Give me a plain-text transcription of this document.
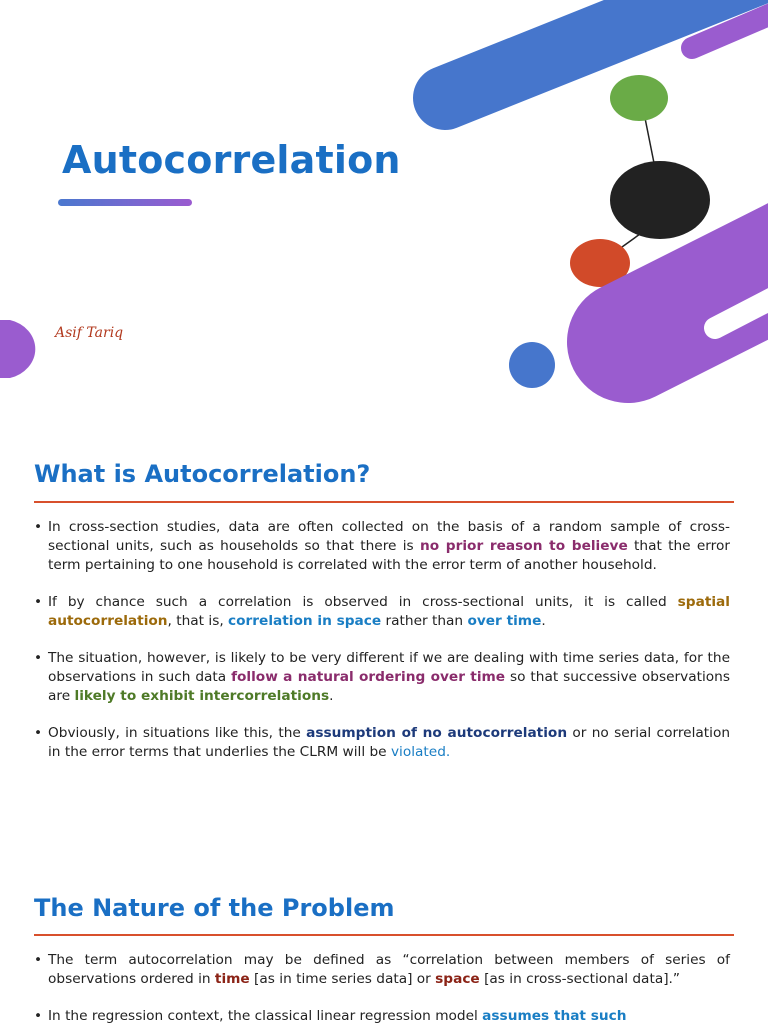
Autocorrelation
Asif Tariq
What is Autocorrelation?
• In cross-section studies, data are often collected on the basis of a random sample of cross-sectional units, such as households so that there is no prior reason to believe that the error term pertaining to one household is correlated with the error term of another household.
• If by chance such a correlation is observed in cross-sectional units, it is called spatial autocorrelation, that is, correlation in space rather than over time.
• The situation, however, is likely to be very different if we are dealing with time series data, for the observations in such data follow a natural ordering over time so that successive observations are likely to exhibit intercorrelations.
• Obviously, in situations like this, the assumption of no autocorrelation or no serial correlation in the error terms that underlies the CLRM will be violated.
The Nature of the Problem
• The term autocorrelation may be defined as “correlation between members of series of observations ordered in time [as in time series data] or space [as in cross-sectional data].”
• In the regression context, the classical linear regression model assumes that such
